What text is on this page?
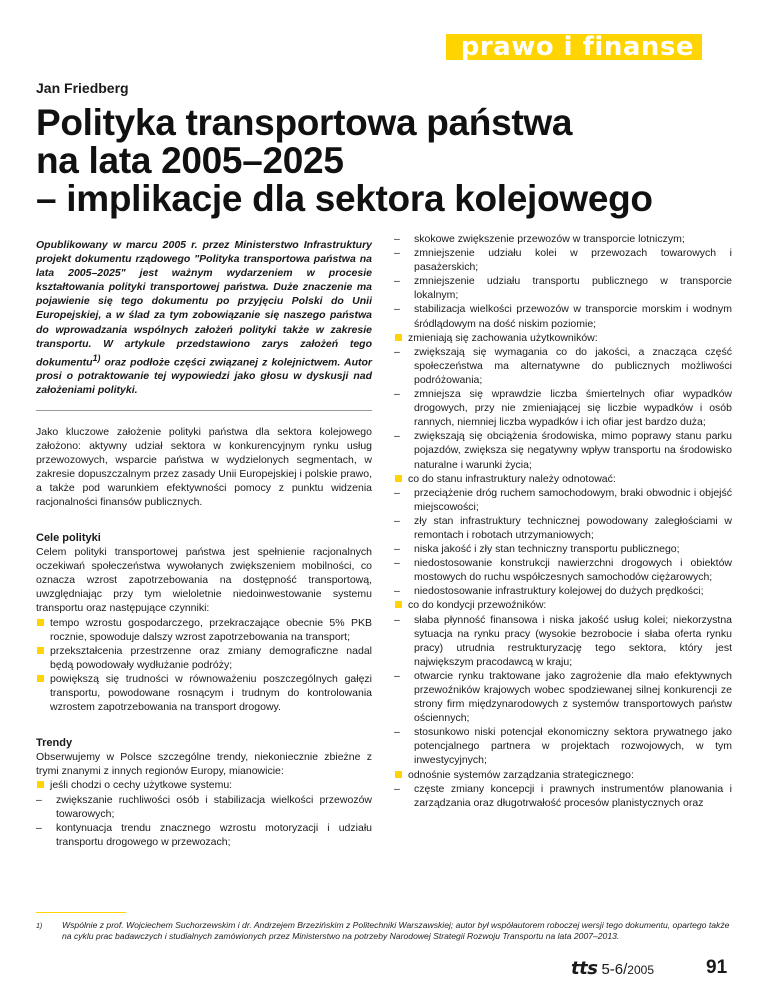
prawo i finanse
Jan Friedberg
Polityka transportowa państwa
na lata 2005–2025
– implikacje dla sektora kolejowego

Opublikowany w marcu 2005 r. przez Ministerstwo Infrastruktury projekt dokumentu rządowego "Polityka transportowa państwa na lata 2005–2025" jest ważnym wydarzeniem w procesie kształtowania polityki transportowej państwa. Duże znaczenie ma pojawienie się tego dokumentu po przyjęciu Polski do Unii Europejskiej, a w ślad za tym zobowiązanie się naszego państwa do wprowadzania wspólnych założeń polityki także w zakresie transportu. W artykule przedstawiono zarys założeń tego dokumentu$^{1)}$ oraz podłoże części związanej z kolejnictwem. Autor prosi o potraktowanie tej wypowiedzi jako głosu w dyskusji nad założeniami polityki.

Jako kluczowe założenie polityki państwa dla sektora kolejowego założono: aktywny udział sektora w konkurencyjnym rynku usług przewozowych, wsparcie państwa w wydzielonych segmentach, w zakresie dopuszczalnym przez zasady Unii Europejskiej i polskie prawo, a także pod warunkiem efektywności pomocy z punktu widzenia racjonalności finansów publicznych.

Cele polityki

Celem polityki transportowej państwa jest spełnienie racjonalnych oczekiwań społeczeństwa wywołanych zwiększeniem mobilności, co oznacza wzrost zapotrzebowania na dostępność transportową, uwzględniając przy tym wieloletnie niedoinwestowanie systemu transportu oraz następujące czynniki:

tempo wzrostu gospodarczego, przekraczające obecnie 5% PKB rocznie, spowoduje dalszy wzrost zapotrzebowania na transport;
przekształcenia przestrzenne oraz zmiany demograficzne nadal będą powodowały wydłużanie podróży;
powiększą się trudności w równoważeniu poszczególnych gałęzi transportu, powodowane rosnącym i trudnym do kontrolowania wzrostem zapotrzebowania na transport drogowy.

Trendy

Obserwujemy w Polsce szczególne trendy, niekoniecznie zbieżne z trymi znanymi z innych regionów Europy, mianowicie:

jeśli chodzi o cechy użytkowe systemu:
– zwiększanie ruchliwości osób i stabilizacja wielkości przewozów towarowych;
– kontynuacja trendu znacznego wzrostu motoryzacji i udziału transportu drogowego w przewozach;
– skokowe zwiększenie przewozów w transporcie lotniczym;
– zmniejszenie udziału kolei w przewozach towarowych i pasażerskich;
– zmniejszenie udziału transportu publicznego w transporcie lokalnym;
– stabilizacja wielkości przewozów w transporcie morskim i wodnym śródlądowym na dość niskim poziomie;
zmieniają się zachowania użytkowników:
– zwiększają się wymagania co do jakości, a znacząca część społeczeństwa ma alternatywne do publicznych możliwości podróżowania;
– zmniejsza się wprawdzie liczba śmiertelnych ofiar wypadków drogowych, przy nie zmieniającej się liczbie wypadków i osób rannych, niemniej liczba wypadków i ich ofiar jest bardzo duża;
– zwiększają się obciążenia środowiska, mimo poprawy stanu parku pojazdów, zwiększa się negatywny wpływ transportu na środowisko naturalne i warunki życia;
co do stanu infrastruktury należy odnotować:
– przeciążenie dróg ruchem samochodowym, braki obwodnic i objejść miejscowości;
– zły stan infrastruktury technicznej powodowany zaległościami w remontach i robotach utrzymaniowych;
– niska jakość i zły stan techniczny transportu publicznego;
– niedostosowanie konstrukcji nawierzchni drogowych i obiektów mostowych do ruchu współczesnych samochodów ciężarowych;
– niedostosowanie infrastruktury kolejowej do dużych prędkości;
co do kondycji przewoźników:
– słaba płynność finansowa i niska jakość usług kolei; niekorzystna sytuacja na rynku pracy (wysokie bezrobocie i słaba oferta rynku pracy) utrudnia restrukturyzację tego sektora, który jest największym pracodawcą w kraju;
– otwarcie rynku traktowane jako zagrożenie dla mało efektywnych przewoźników krajowych wobec spodziewanej silnej konkurencji ze strony firm międzynarodowych z systemów transportowych państw ościennych;
– stosunkowo niski potencjał ekonomiczny sektora prywatnego jako potencjalnego partnera w projektach rozwojowych, w tym inwestycyjnych;
odnośnie systemów zarządzania strategicznego:
– częste zmiany koncepcji i prawnych instrumentów planowania i zarządzania oraz długotrwałość procesów planistycznych oraz
1) Wspólnie z prof. Wojciechem Suchorzewskim i dr. Andrzejem Brzezińskim z Politechniki Warszawskiej; autor był współautorem roboczej wersji tego dokumentu, opartego także na cyklu prac badawczych i studialnych zamówionych przez Ministerstwo na potrzeby Narodowej Strategii Rozwoju Transportu na lata 2007–2013.

tts 5-6/2005	91
